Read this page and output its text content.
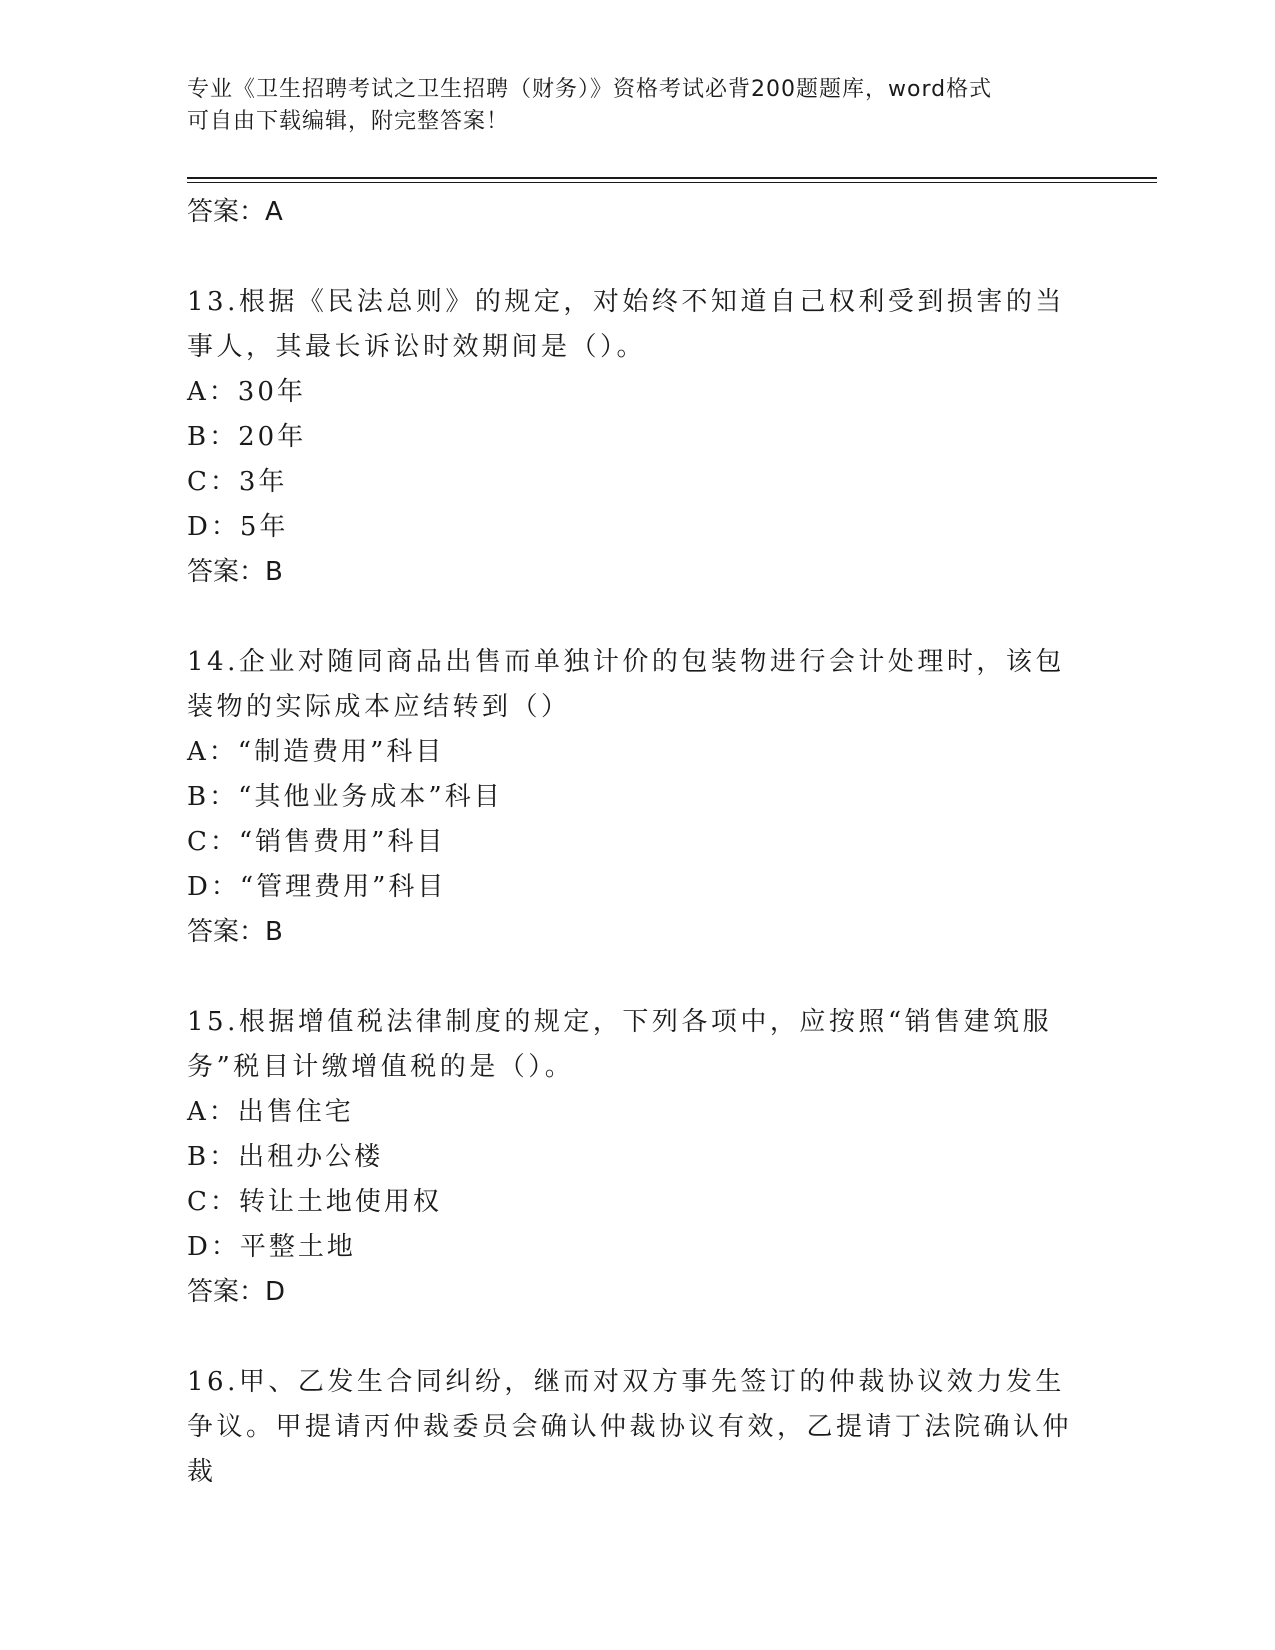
专业《卫生招聘考试之卫生招聘（财务）》资格考试必背200题题库，word格式
可自由下载编辑，附完整答案！
答案：A
13.根据《民法总则》的规定，对始终不知道自己权利受到损害的当事人，其最长诉讼时效期间是（）。
A：30年
B：20年
C：3年
D：5年
答案：B
14.企业对随同商品出售而单独计价的包装物进行会计处理时，该包装物的实际成本应结转到（）
A：“制造费用”科目
B：“其他业务成本”科目
C：“销售费用”科目
D：“管理费用”科目
答案：B
15.根据增值税法律制度的规定，下列各项中，应按照“销售建筑服务”税目计缴增值税的是（）。
A：出售住宅
B：出租办公楼
C：转让土地使用权
D：平整土地
答案：D
16.甲、乙发生合同纠纷，继而对双方事先签订的仲裁协议效力发生争议。甲提请丙仲裁委员会确认仲裁协议有效，乙提请丁法院确认仲裁
